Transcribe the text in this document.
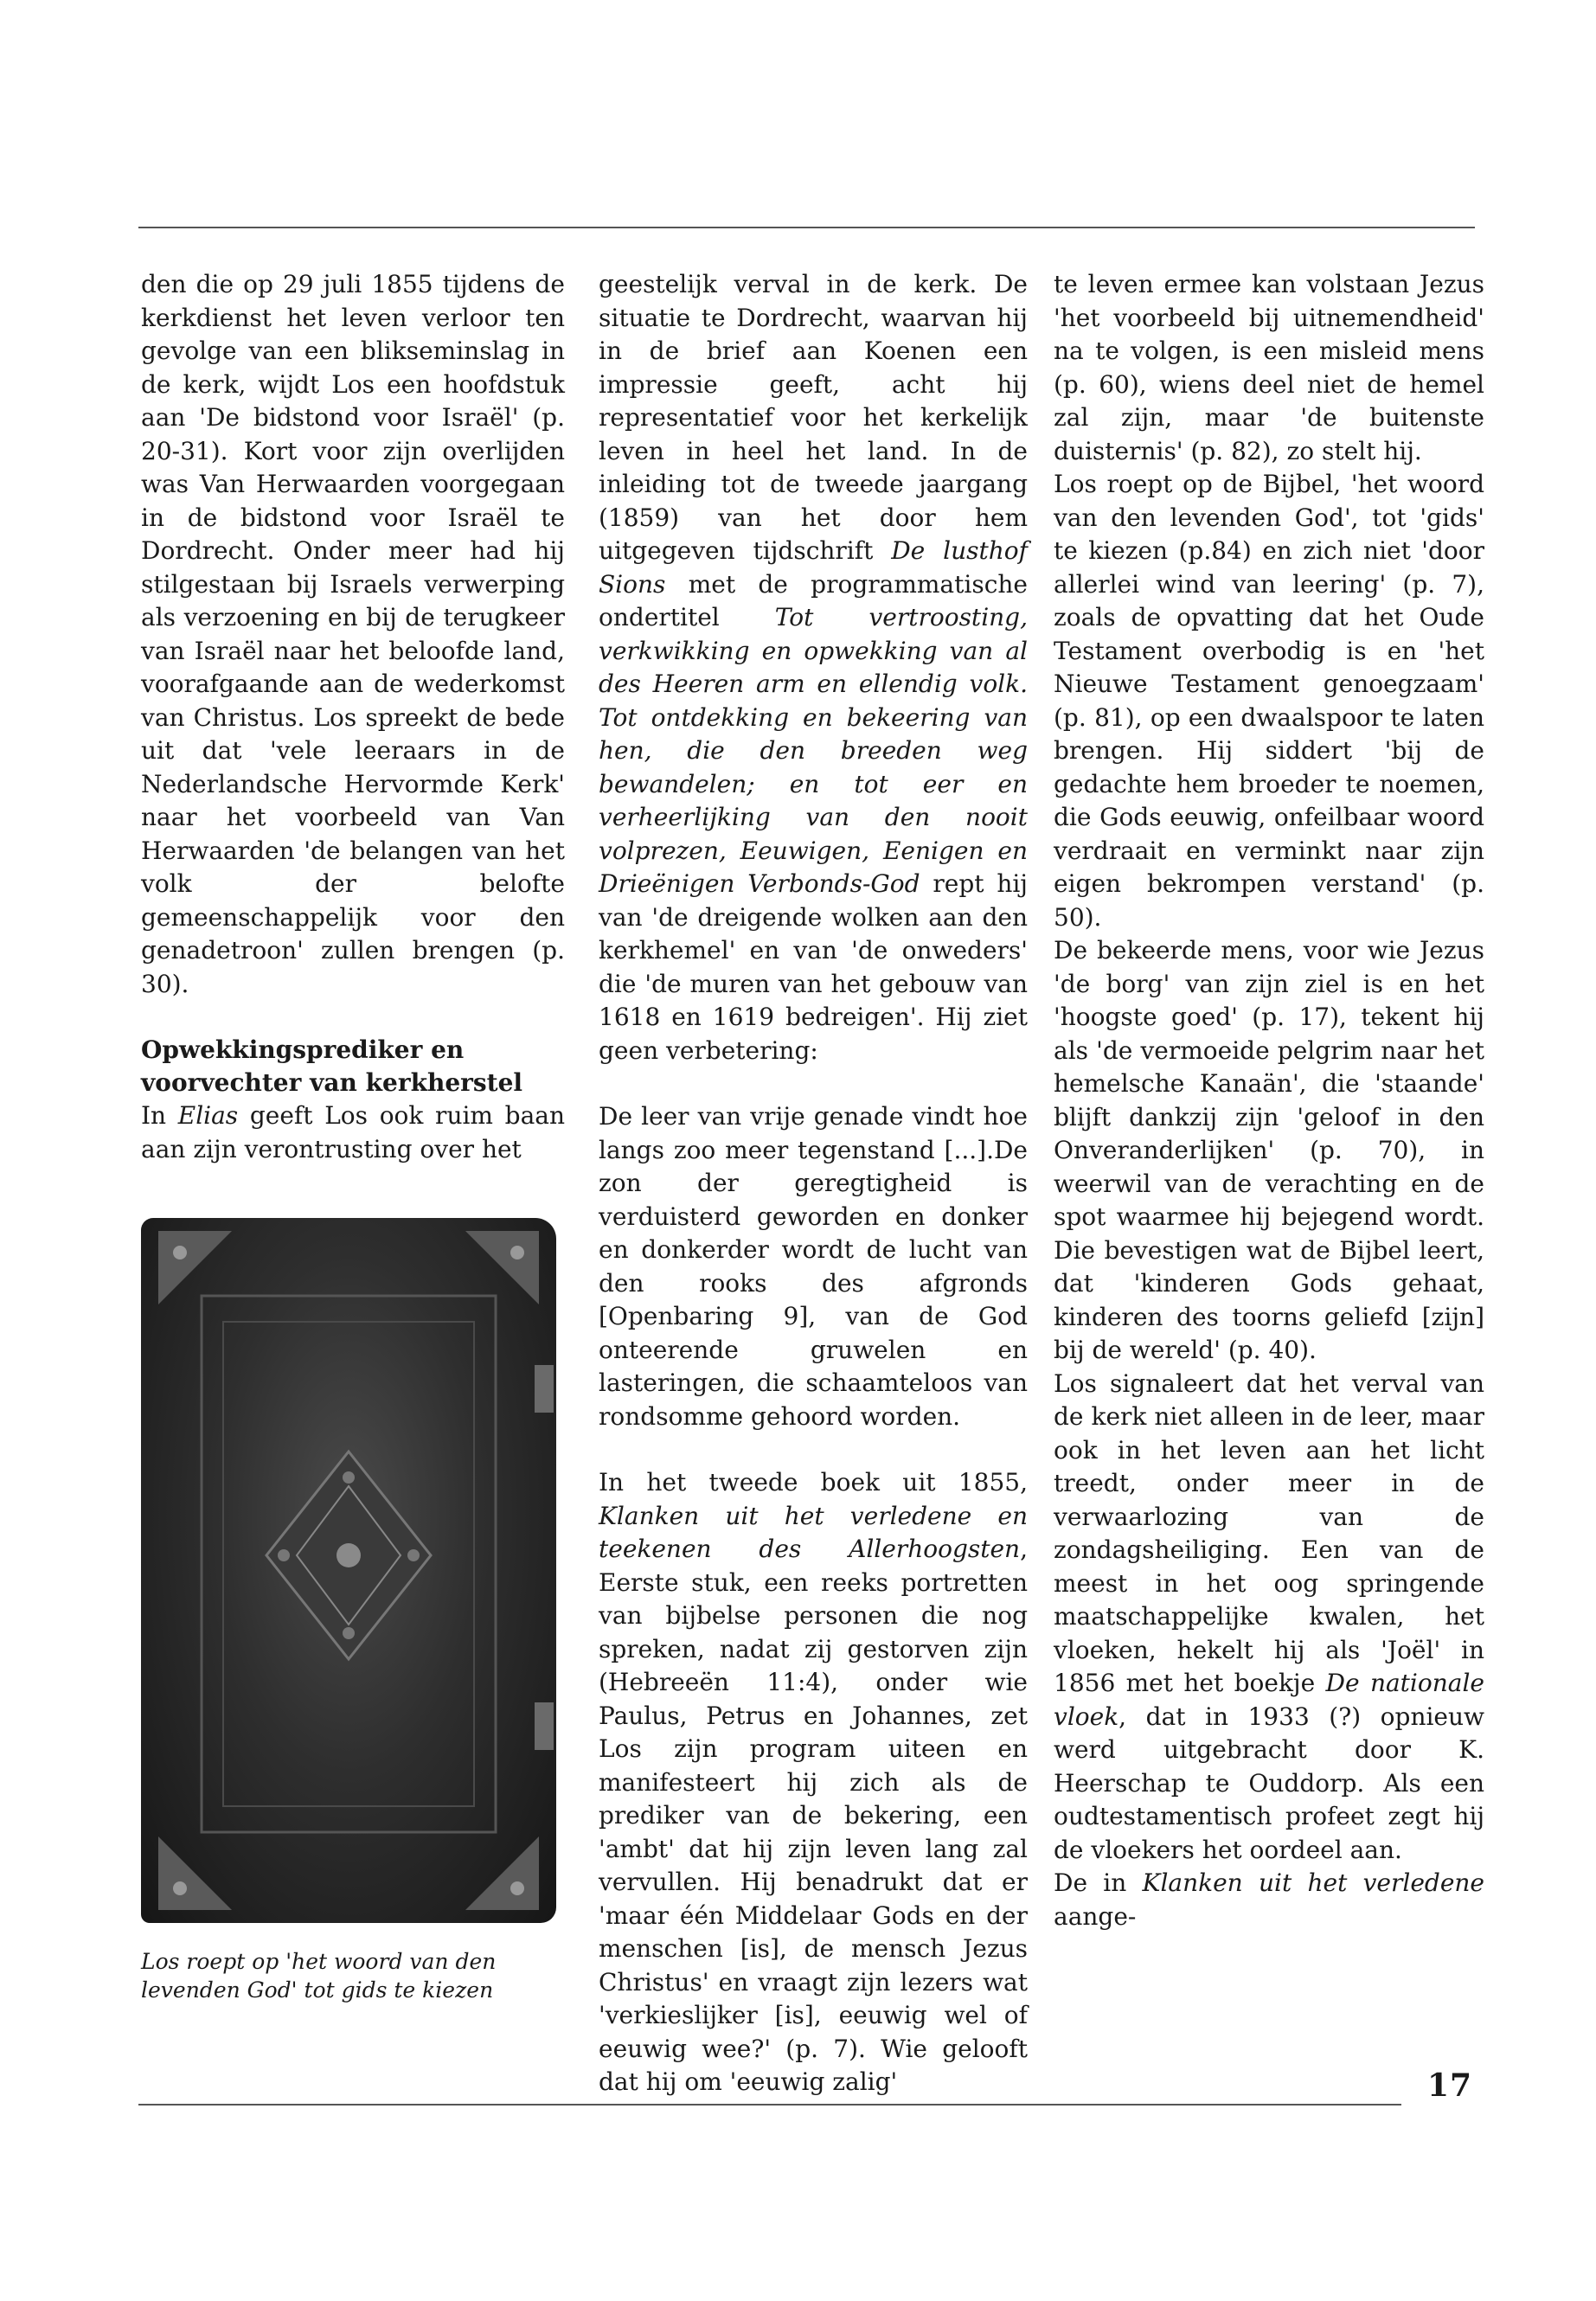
den die op 29 juli 1855 tijdens de kerkdienst het leven verloor ten gevolge van een blikseminslag in de kerk, wijdt Los een hoofdstuk aan 'De bidstond voor Israël' (p. 20-31). Kort voor zijn overlijden was Van Herwaarden voorgegaan in de bidstond voor Israël te Dordrecht. Onder meer had hij stilgestaan bij Israels verwerping als verzoening en bij de terugkeer van Israël naar het beloofde land, voorafgaande aan de wederkomst van Christus. Los spreekt de bede uit dat 'vele leeraars in de Nederlandsche Hervormde Kerk' naar het voorbeeld van Van Herwaarden 'de belangen van het volk der belofte gemeenschappelijk voor den genadetroon' zullen brengen (p. 30).

Opwekkingsprediker en voorvechter van kerkherstel

In Elias geeft Los ook ruim baan aan zijn verontrusting over het

Los roept op 'het woord van den levenden God' tot gids te kiezen

geestelijk verval in de kerk. De situatie te Dordrecht, waarvan hij in de brief aan Koenen een impressie geeft, acht hij representatief voor het kerkelijk leven in heel het land. In de inleiding tot de tweede jaargang (1859) van het door hem uitgegeven tijdschrift De lusthof Sions met de programmatische ondertitel Tot vertroosting, verkwikking en opwekking van al des Heeren arm en ellendig volk. Tot ontdekking en bekeering van hen, die den breeden weg bewandelen; en tot eer en verheerlijking van den nooit volprezen, Eeuwigen, Eenigen en Drieënigen Verbonds-God rept hij van 'de dreigende wolken aan den kerkhemel' en van 'de onweders' die 'de muren van het gebouw van 1618 en 1619 bedreigen'. Hij ziet geen verbetering:

De leer van vrije genade vindt hoe langs zoo meer tegenstand [...].De zon der geregtigheid is verduisterd geworden en donker en donkerder wordt de lucht van den rooks des afgronds [Openbaring 9], van de God onteerende gruwelen en lasteringen, die schaamteloos van rondsomme gehoord worden.

In het tweede boek uit 1855, Klanken uit het verledene en teekenen des Allerhoogsten, Eerste stuk, een reeks portretten van bijbelse personen die nog spreken, nadat zij gestorven zijn (Hebreeën 11:4), onder wie Paulus, Petrus en Johannes, zet Los zijn program uiteen en manifesteert hij zich als de prediker van de bekering, een 'ambt' dat hij zijn leven lang zal vervullen. Hij benadrukt dat er 'maar één Middelaar Gods en der menschen [is], de mensch Jezus Christus' en vraagt zijn lezers wat 'verkieslijker [is], eeuwig wel of eeuwig wee?' (p. 7). Wie gelooft dat hij om 'eeuwig zalig'

te leven ermee kan volstaan Jezus 'het voorbeeld bij uitnemendheid' na te volgen, is een misleid mens (p. 60), wiens deel niet de hemel zal zijn, maar 'de buitenste duisternis' (p. 82), zo stelt hij.

Los roept op de Bijbel, 'het woord van den levenden God', tot 'gids' te kiezen (p.84) en zich niet 'door allerlei wind van leering' (p. 7), zoals de opvatting dat het Oude Testament overbodig is en 'het Nieuwe Testament genoegzaam' (p. 81), op een dwaalspoor te laten brengen. Hij siddert 'bij de gedachte hem broeder te noemen, die Gods eeuwig, onfeilbaar woord verdraait en verminkt naar zijn eigen bekrompen verstand' (p. 50).

De bekeerde mens, voor wie Jezus 'de borg' van zijn ziel is en het 'hoogste goed' (p. 17), tekent hij als 'de vermoeide pelgrim naar het hemelsche Kanaän', die 'staande' blijft dankzij zijn 'geloof in den Onveranderlijken' (p. 70), in weerwil van de verachting en de spot waarmee hij bejegend wordt. Die bevestigen wat de Bijbel leert, dat 'kinderen Gods gehaat, kinderen des toorns geliefd [zijn] bij de wereld' (p. 40).

Los signaleert dat het verval van de kerk niet alleen in de leer, maar ook in het leven aan het licht treedt, onder meer in de verwaarlozing van de zondagsheiliging. Een van de meest in het oog springende maatschappelijke kwalen, het vloeken, hekelt hij als 'Joël' in 1856 met het boekje De nationale vloek, dat in 1933 (?) opnieuw werd uitgebracht door K. Heerschap te Ouddorp. Als een oudtestamentisch profeet zegt hij de vloekers het oordeel aan.

De in Klanken uit het verledene aange-

17
